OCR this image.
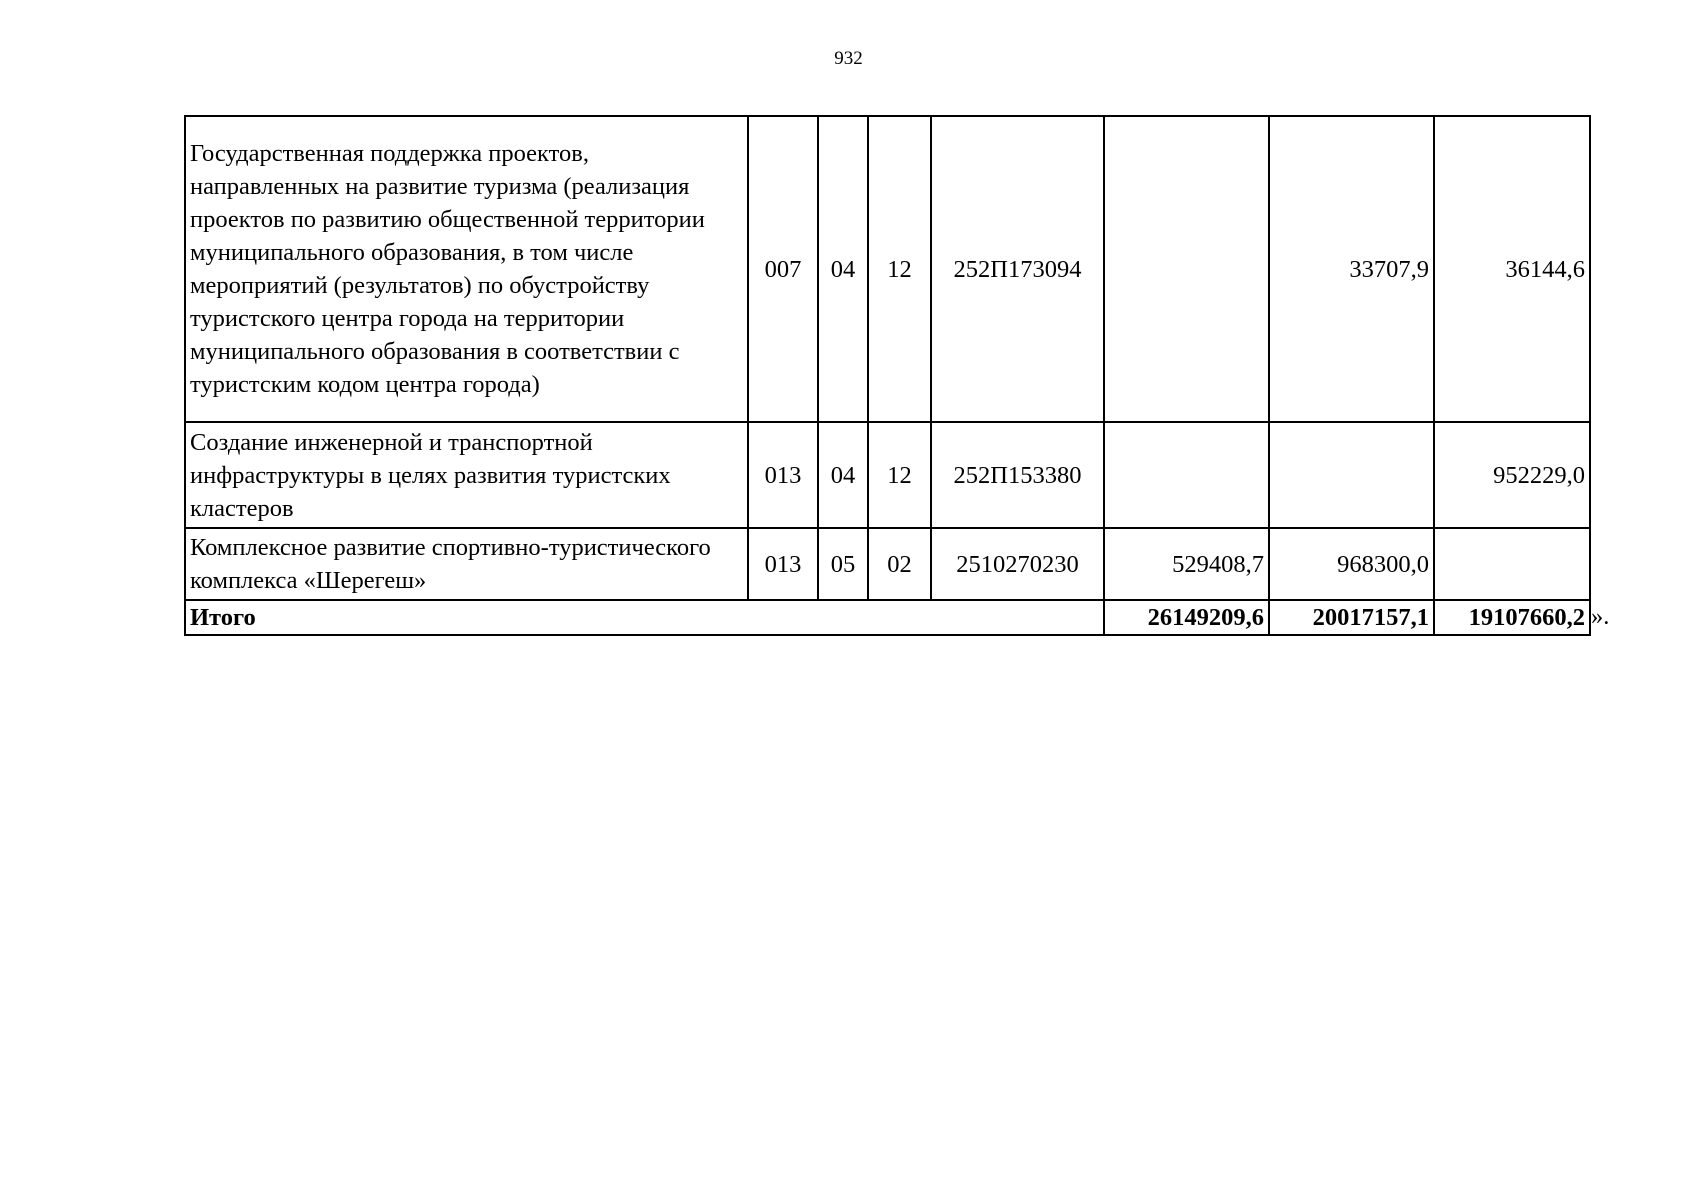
932
Государственная поддержка проектов, направленных на развитие туризма (реализация проектов по развитию общественной территории муниципального образования, в том числе мероприятий (результатов) по обустройству туристского центра города на территории муниципального образования в соответствии с туристским кодом центра города)	007	04	12	252П173094		33707,9	36144,6
Создание инженерной и транспортной инфраструктуры в целях развития туристских кластеров	013	04	12	252П153380			952229,0
Комплексное развитие спортивно-туристического комплекса «Шерегеш»	013	05	02	2510270230	529408,7	968300,0	
Итого					26149209,6	20017157,1	19107660,2 ».
